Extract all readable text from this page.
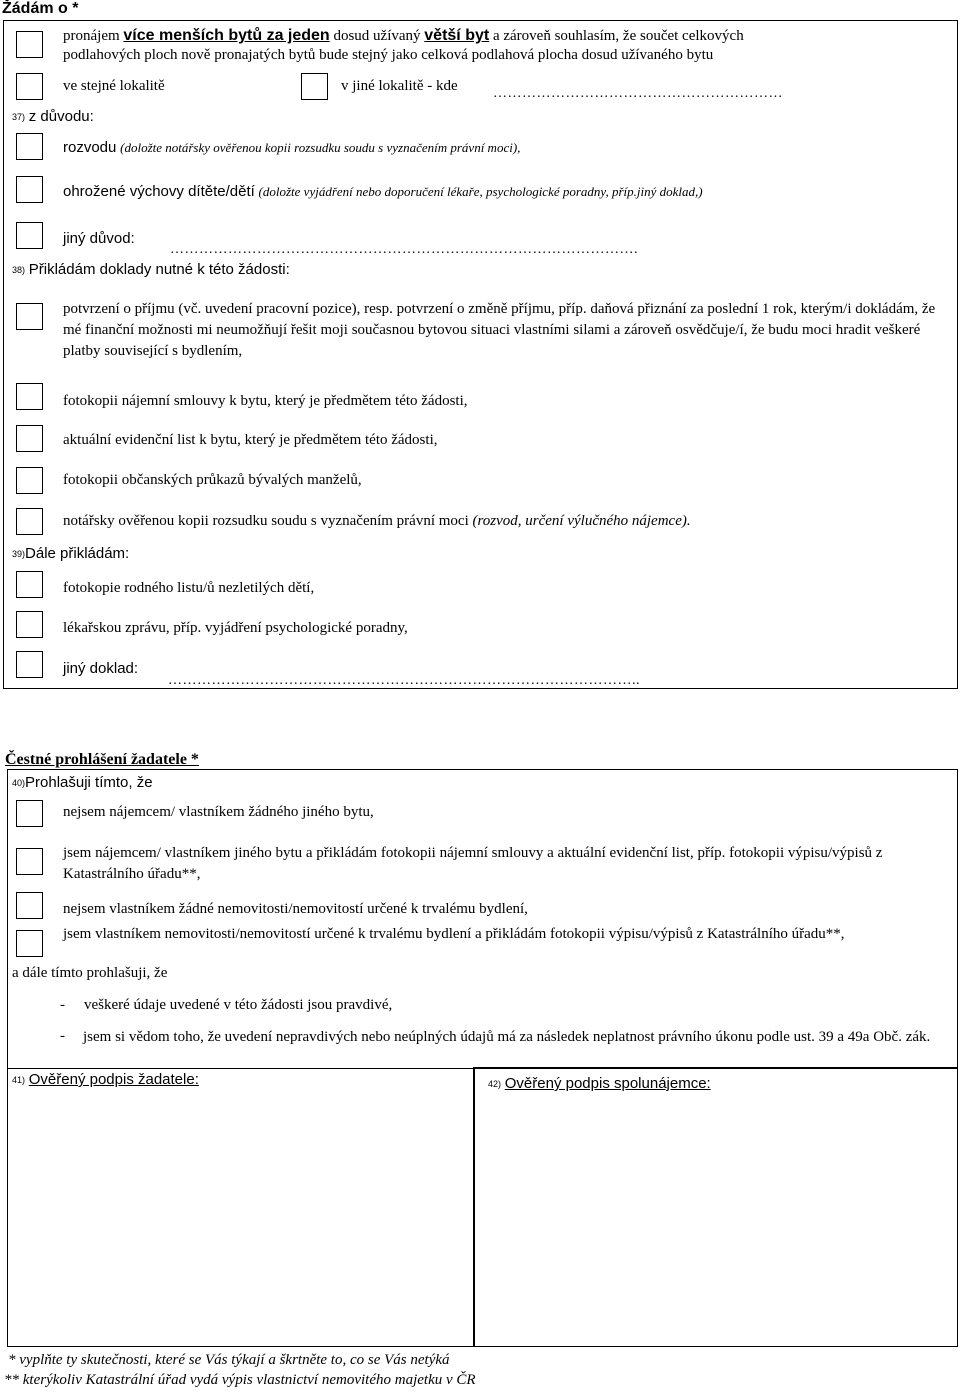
Žádám o *
pronájem více menších bytů za jeden dosud užívaný větší byt a zároveň souhlasím, že součet celkových
podlahových ploch nově pronajatých bytů bude stejný jako celková podlahová plocha dosud užívaného bytu
ve stejné lokalitě	v jiné lokalitě - kde	……………………………………………………
37) z důvodu:
rozvodu (doložte notářsky ověřenou kopii rozsudku soudu s vyznačením právní moci),
ohrožené výchovy dítěte/dětí (doložte vyjádření nebo doporučení lékaře, psychologické poradny, příp.jiný doklad,)
jiný důvod:
…………………………………………………………………………………….
38) Přikládám doklady nutné k této žádosti:
potvrzení o příjmu (vč. uvedení pracovní pozice), resp. potvrzení o změně příjmu, příp. daňová přiznání za poslední 1 rok, kterým/i dokládám, že mé finanční možnosti mi neumožňují řešit moji současnou bytovou situaci vlastními silami a zároveň osvědčuje/í, že budu moci hradit veškeré platby související s bydlením,
fotokopii nájemní smlouvy k bytu, který je předmětem této žádosti,
aktuální evidenční list k bytu, který je předmětem této žádosti,
fotokopii občanských průkazů bývalých manželů,
notářsky ověřenou kopii rozsudku soudu s vyznačením právní moci (rozvod, určení výlučného nájemce).
39)Dále přikládám:
fotokopie rodného listu/ů nezletilých dětí,
lékařskou zprávu, příp. vyjádření psychologické poradny,
jiný doklad:
……………………………………………………………………………………..
Čestné prohlášení žadatele *
40)Prohlašuji tímto, že
nejsem nájemcem/ vlastníkem žádného jiného bytu,
jsem nájemcem/ vlastníkem jiného bytu a přikládám fotokopii nájemní smlouvy a aktuální evidenční list, příp. fotokopii výpisu/výpisů z Katastrálního úřadu**,
nejsem vlastníkem žádné nemovitosti/nemovitostí určené k trvalému bydlení,
jsem vlastníkem nemovitosti/nemovitostí určené k trvalému bydlení a přikládám fotokopii výpisu/výpisů z Katastrálního úřadu**,
a dále tímto prohlašuji, že
- veškeré údaje uvedené v této žádosti jsou pravdivé,
- jsem si vědom toho, že uvedení nepravdivých nebo neúplných údajů má za následek neplatnost právního úkonu podle ust. 39 a 49a Obč. zák.
41) Ověřený podpis žadatele:	42) Ověřený podpis spolunájemce:
* vyplňte ty skutečnosti, které se Vás týkají a škrtněte to, co se Vás netýká
** kterýkoliv Katastrální úřad vydá výpis vlastnictví nemovitého majetku v ČR
